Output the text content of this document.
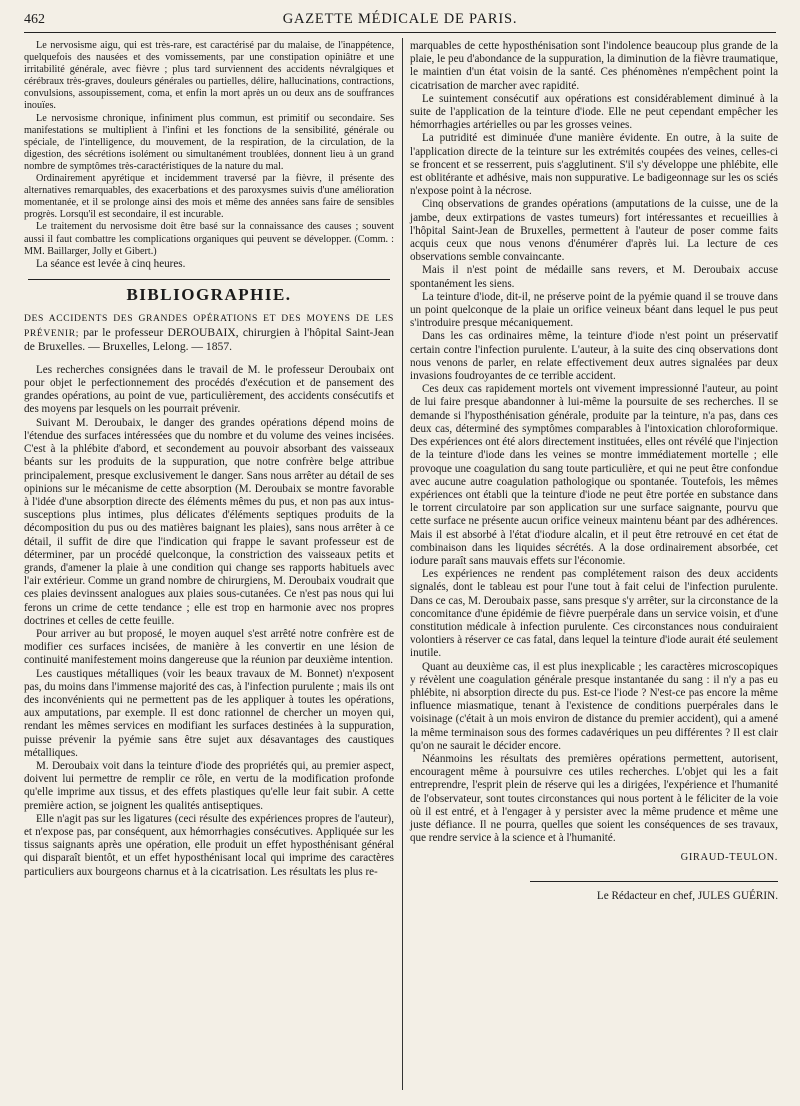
462	GAZETTE MÉDICALE DE PARIS.

Le nervosisme aigu, qui est très-rare, est caractérisé par du malaise, de l'inappétence, quelquefois des nausées et des vomissements, par une constipation opiniâtre et une irritabilité générale, avec fièvre ; plus tard surviennent des accidents névralgiques et cérébraux très-graves, douleurs générales ou partielles, délire, hallucinations, contractions, convulsions, assoupissement, coma, et enfin la mort après un ou deux ans de souffrances inouïes.

Le nervosisme chronique, infiniment plus commun, est primitif ou secondaire. Ses manifestations se multiplient à l'infini et les fonctions de la sensibilité, générale ou spéciale, de l'intelligence, du mouvement, de la respiration, de la circulation, de la digestion, des sécrétions isolément ou simultanément troublées, donnent lieu à un grand nombre de symptômes très-caractéristiques de la nature du mal.

Ordinairement apyrétique et incidemment traversé par la fièvre, il présente des alternatives remarquables, des exacerbations et des paroxysmes suivis d'une amélioration momentanée, et il se prolonge ainsi des mois et même des années sans faire de sensibles progrès. Lorsqu'il est secondaire, il est incurable.

Le traitement du nervosisme doit être basé sur la connaissance des causes ; souvent aussi il faut combattre les complications organiques qui peuvent se développer. (Comm. : MM. Baillarger, Jolly et Gibert.)

La séance est levée à cinq heures.

BIBLIOGRAPHIE.

DES ACCIDENTS DES GRANDES OPÉRATIONS ET DES MOYENS DE LES PRÉVENIR; par le professeur DEROUBAIX, chirurgien à l'hôpital Saint-Jean de Bruxelles. — Bruxelles, Lelong. — 1857.

Les recherches consignées dans le travail de M. le professeur Deroubaix ont pour objet le perfectionnement des procédés d'exécution et de pansement des grandes opérations, au point de vue, particulièrement, des accidents consécutifs et des moyens par lesquels on les pourrait prévenir.

Suivant M. Deroubaix, le danger des grandes opérations dépend moins de l'étendue des surfaces intéressées que du nombre et du volume des veines incisées. C'est à la phlébite d'abord, et secondement au pouvoir absorbant des vaisseaux béants sur les produits de la suppuration, que notre confrère belge attribue principalement, presque exclusivement le danger. Sans nous arrêter au détail de ses opinions sur le mécanisme de cette absorption (M. Deroubaix se montre favorable à l'idée d'une absorption directe des éléments mêmes du pus, et non pas aux intus-susceptions plus intimes, plus délicates d'éléments septiques produits de la décomposition du pus ou des matières baignant les plaies), sans nous arrêter à ce détail, il suffit de dire que l'indication qui frappe le savant professeur est de déterminer, par un procédé quelconque, la constriction des vaisseaux petits et grands, d'amener la plaie à une condition qui change ses rapports habituels avec l'air extérieur. Comme un grand nombre de chirurgiens, M. Deroubaix voudrait que ces plaies devinssent analogues aux plaies sous-cutanées. Ce n'est pas nous qui lui ferons un crime de cette tendance ; elle est trop en harmonie avec nos propres doctrines et celles de cette feuille.

Pour arriver au but proposé, le moyen auquel s'est arrêté notre confrère est de modifier ces surfaces incisées, de manière à les convertir en une lésion de continuité manifestement moins dangereuse que la réunion par deuxième intention.

Les caustiques métalliques (voir les beaux travaux de M. Bonnet) n'exposent pas, du moins dans l'immense majorité des cas, à l'infection purulente ; mais ils ont des inconvénients qui ne permettent pas de les appliquer à toutes les opérations, aux amputations, par exemple. Il est donc rationnel de chercher un moyen qui, rendant les mêmes services en modifiant les surfaces destinées à la suppuration, puisse prévenir la pyémie sans être sujet aux désavantages des caustiques métalliques.

M. Deroubaix voit dans la teinture d'iode des propriétés qui, au premier aspect, doivent lui permettre de remplir ce rôle, en vertu de la modification profonde qu'elle imprime aux tissus, et des effets plastiques qu'elle leur fait subir. A cette première action, se joignent les qualités antiseptiques.

Elle n'agit pas sur les ligatures (ceci résulte des expériences propres de l'auteur), et n'expose pas, par conséquent, aux hémorrhagies consécutives. Appliquée sur les tissus saignants après une opération, elle produit un effet hyposthénisant général qui disparaît bientôt, et un effet hyposthénisant local qui imprime des caractères particuliers aux bourgeons charnus et à la cicatrisation. Les résultats les plus re-

marquables de cette hyposthénisation sont l'indolence beaucoup plus grande de la plaie, le peu d'abondance de la suppuration, la diminution de la fièvre traumatique, le maintien d'un état voisin de la santé. Ces phénomènes n'empêchent point la cicatrisation de marcher avec rapidité.

Le suintement consécutif aux opérations est considérablement diminué à la suite de l'application de la teinture d'iode. Elle ne peut cependant empêcher les hémorrhagies artérielles ou par les grosses veines.

La putridité est diminuée d'une manière évidente. En outre, à la suite de l'application directe de la teinture sur les extrémités coupées des veines, celles-ci se froncent et se resserrent, puis s'agglutinent. S'il s'y développe une phlébite, elle est oblitérante et adhésive, mais non suppurative. Le badigeonnage sur les os sciés n'expose point à la nécrose.

Cinq observations de grandes opérations (amputations de la cuisse, une de la jambe, deux extirpations de vastes tumeurs) fort intéressantes et recueillies à l'hôpital Saint-Jean de Bruxelles, permettent à l'auteur de poser comme faits acquis ceux que nous venons d'énumérer d'après lui. La lecture de ces observations semble convaincante.

Mais il n'est point de médaille sans revers, et M. Deroubaix accuse spontanément les siens.

La teinture d'iode, dit-il, ne préserve point de la pyémie quand il se trouve dans un point quelconque de la plaie un orifice veineux béant dans lequel le pus peut s'introduire presque mécaniquement.

Dans les cas ordinaires même, la teinture d'iode n'est point un préservatif certain contre l'infection purulente. L'auteur, à la suite des cinq observations dont nous venons de parler, en relate effectivement deux autres signalées par deux invasions foudroyantes de ce terrible accident.

Ces deux cas rapidement mortels ont vivement impressionné l'auteur, au point de lui faire presque abandonner à lui-même la poursuite de ses recherches. Il se demande si l'hyposthénisation générale, produite par la teinture, n'a pas, dans ces deux cas, déterminé des symptômes comparables à l'intoxication chloroformique. Des expériences ont été alors directement instituées, elles ont révélé que l'injection de la teinture d'iode dans les veines se montre immédiatement mortelle ; elle provoque une coagulation du sang toute particulière, et qui ne peut être confondue avec aucune autre coagulation pathologique ou spontanée. Toutefois, les mêmes expériences ont établi que la teinture d'iode ne peut être portée en substance dans le torrent circulatoire par son application sur une surface saignante, pourvu que cette surface ne présente aucun orifice veineux maintenu béant par des adhérences. Mais il est absorbé à l'état d'iodure alcalin, et il peut être retrouvé en cet état de combinaison dans les liquides sécrétés. A la dose ordinairement absorbée, cet iodure paraît sans mauvais effets sur l'économie.

Les expériences ne rendent pas complétement raison des deux accidents signalés, dont le tableau est pour l'une tout à fait celui de l'infection purulente. Dans ce cas, M. Deroubaix passe, sans presque s'y arrêter, sur la circonstance de la concomitance d'une épidémie de fièvre puerpérale dans un service voisin, et d'une constitution médicale à infection purulente. Ces circonstances nous conduiraient volontiers à réserver ce cas fatal, dans lequel la teinture d'iode aurait été seulement inutile.

Quant au deuxième cas, il est plus inexplicable ; les caractères microscopiques y révèlent une coagulation générale presque instantanée du sang : il n'y a pas eu phlébite, ni absorption directe du pus. Est-ce l'iode ? N'est-ce pas encore la même influence miasmatique, tenant à l'existence de conditions puerpérales dans le voisinage (c'était à un mois environ de distance du premier accident), qui a amené la même terminaison sous des formes cadavériques un peu différentes ? Il est clair qu'on ne saurait le décider encore.

Néanmoins les résultats des premières opérations permettent, autorisent, encouragent même à poursuivre ces utiles recherches. L'objet qui les a fait entreprendre, l'esprit plein de réserve qui les a dirigées, l'expérience et l'humanité de l'observateur, sont toutes circonstances qui nous portent à le féliciter de la voie où il est entré, et à l'engager à y persister avec la même prudence et même une juste défiance. Il ne pourra, quelles que soient les conséquences de ses travaux, que rendre service à la science et à l'humanité.

GIRAUD-TEULON.
Le Rédacteur en chef, JULES GUÉRIN.
